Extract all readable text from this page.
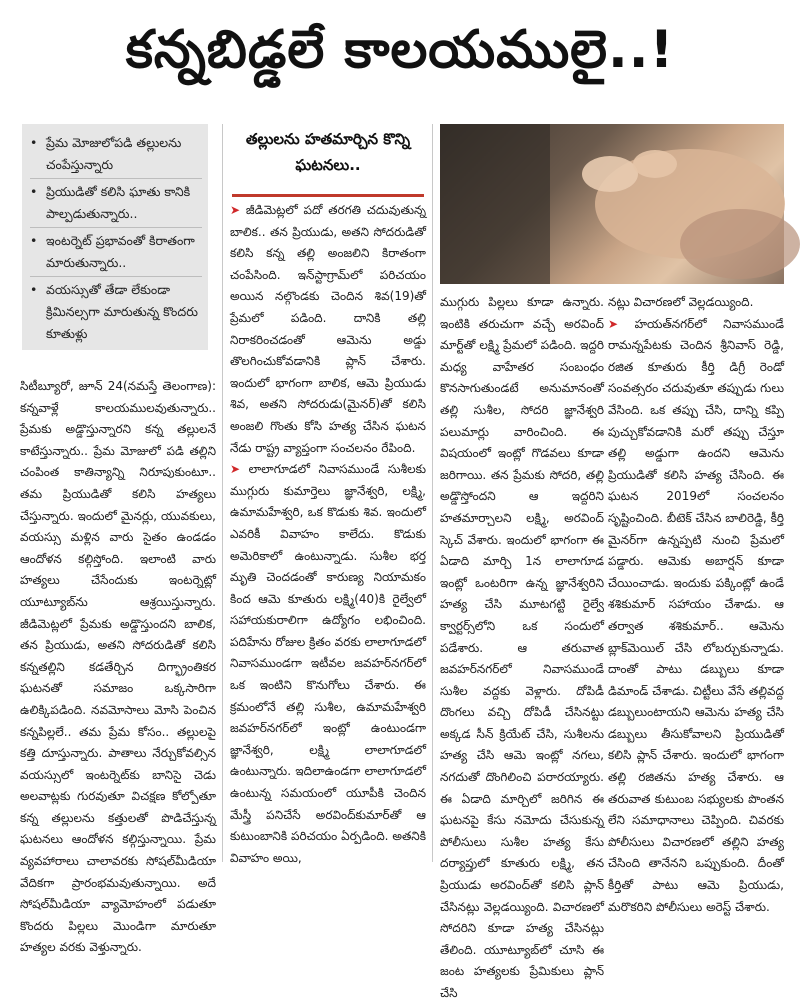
కన్నబిడ్డలే కాలయములై..!
• ప్రేమ మోజులోపడి తల్లులను చంపేస్తున్నారు
• ప్రియుడితో కలిసి ఘాతు కానికి పాల్పడుతున్నారు..
• ఇంటర్నెట్ ప్రభావంతో కిరాతంగా మారుతున్నారు..
• వయస్సుతో తేడా లేకుండా క్రిమినల్సగా మారుతున్న కొందరు కూతుళ్లు

సిటీబ్యూరో, జూన్ 24(నమస్తే తెలంగాణ): కన్నవాళ్లే కాలయములవుతున్నారు.. ప్రేమకు అడ్డొస్తున్నారని కన్న తల్లులనే కాటేస్తున్నారు.. ప్రేమ మోజులో పడి తల్లిని చంపింత కాతిన్యాన్ని నిరూపుకుంటూ.. తమ ప్రియుడితో కలిసి హత్యలు చేస్తున్నారు. ఇందులో మైనర్లు, యువకులు, వయస్సు మళ్లిన వారు సైతం ఉండడం ఆందోళన కల్గిస్తోంది. ఇలాంటి వారు హత్యలు చేసేందుకు ఇంటర్నెట్లో యూట్యూబ్‌ను ఆశ్రయిస్తున్నారు. జీడిమెట్లలో ప్రేమకు అడ్డొస్తుందని బాలిక, తన ప్రియుడు, అతని సోదరుడితో కలిసి కన్నతల్లిని కడతేర్చిన దిగ్భ్రాంతికర ఘటనతో సమాజం ఒక్కసారిగా ఉలిక్కిపడింది. నవమోసాలు మోసి పెంచిన కన్నపిల్లలే.. తమ ప్రేమ కోసం.. తల్లులపై కత్తి దూస్తున్నారు. పాతాలు నేర్చుకోవల్సిన వయస్సులో ఇంటర్నెట్‌కు బానిసై చెడు అలవాట్లకు గురవుతూ విచక్షణ కోల్పోతూ కన్న తల్లులను కత్తులతో పొడిచేస్తున్న ఘటనలు ఆందోళన కల్గిస్తున్నాయి. ప్రేమ వ్యవహారాలు చాలావరకు సోషల్‌మీడియా వేదికగా ప్రారంభమవుతున్నాయి. అదే సోషల్‌మీడియా వ్యామోహంలో పడుతూ కొందరు పిల్లలు మొండిగా మారుతూ హత్యల వరకు వెళ్తున్నారు.

తల్లులను హతమార్చిన కొన్ని ఘటనలు..

➤ జీడిమెట్లలో పదో తరగతి చదువుతున్న బాలిక.. తన ప్రియుడు, అతని సోదరుడితో కలిసి కన్న తల్లి అంజలిని కిరాతంగా చంపేసింది. ఇన్‌స్టాగ్రామ్‌లో పరిచయం అయిన నల్గొండకు చెందిన శివ(19)తో ప్రేమలో పడింది. దానికి తల్లి నిరాకరించడంతో ఆమెను అడ్డు తొలగించుకోవడానికి ప్లాన్ చేశారు. ఇందులో భాగంగా బాలిక, ఆమె ప్రియుడు శివ, అతని సోదరుడు(మైనర్)తో కలిసి అంజలి గొంతు కోసి హత్య చేసిన ఘటన నేడు రాష్ట్ర వ్యాప్తంగా సంచలనం రేపింది.

➤ లాలాగూడలో నివాసముండే సుశీలకు ముగ్గురు కుమార్తెలు జ్ఞానేశ్వరి, లక్ష్మి, ఉమామహేశ్వరి, ఒక కొడుకు శివ. ఇందులో ఎవరికీ వివాహం కాలేదు. కొడుకు అమెరికాలో ఉంటున్నాడు. సుశీల భర్త మృతి చెందడంతో కారుణ్య నియామకం కింద ఆమె కూతురు లక్ష్మి(40)కి రైల్వేలో సహాయకురాలిగా ఉద్యోగం లభించింది. పదిహేను రోజుల క్రితం వరకు లాలాగూడలో నివాసముండగా ఇటీవల జవహర్‌నగర్‌లో ఒక ఇంటిని కొనుగోలు చేశారు. ఈ క్రమంలోనే తల్లి సుశీల, ఉమామహేశ్వరి జవహర్‌నగర్‌లో ఇంట్లో ఉంటుండగా జ్ఞానేశ్వరి, లక్ష్మి లాలాగూడలో ఉంటున్నారు. ఇదిలాఉండగా లాలాగూడలో ఉంటున్న సమయంలో యూపీకి చెందిన మేస్త్రీ పనిచేసే అరవింద్‌కుమార్‌తో ఆ కుటుంబానికి పరిచయం ఏర్పడింది. అతనికి వివాహం అయి,

ముగ్గురు పిల్లలు కూడా ఉన్నారు. ఇంటికి తరుచుగా వచ్చే అరవింద్ మార్ట్‌తో లక్ష్మి ప్రేమలో పడింది. ఇద్దరి మధ్య వాహేతర సంబంధం కొనసాగుతుండటే అనుమానంతో తల్లి సుశీల, సోదరి జ్ఞానేశ్వరి పలుమార్లు వారించింది. ఈ విషయంలో ఇంట్లో గొడవలు కూడా జరిగాయి. తన ప్రేమకు సోదరి, తల్లి అడ్డొస్తోందని ఆ ఇద్దరిని హతమార్చాలని లక్ష్మి, అరవింద్ స్కెచ్ వేశారు. ఇందులో భాగంగా ఈ ఏడాది మార్చి 1న లాలాగూడ ఇంట్లో ఒంటరిగా ఉన్న జ్ఞానేశ్వరిని హత్య చేసి మూటగట్టి రైల్వే క్వార్టర్స్‌లోని ఒక సందులో పడేశారు. ఆ తరువాత జవహర్‌నగర్‌లో నివాసముండే సుశీల వద్దకు వెళ్లారు. దోపిడీ దొంగలు వచ్చి దోపిడీ చేసినట్టు అక్కడ సీన్ క్రియేట్ చేసి, సుశీలను హత్య చేసి ఆమె ఇంట్లో నగలు, నగదుతో దొంగిలించి పరారయ్యారు. ఈ ఏడాది మార్చిలో జరిగిన ఈ ఘటనపై కేసు నమోదు చేసుకున్న పోలీసులు సుశీల హత్య కేసు దర్యాప్తులో కూతురు లక్ష్మి, తన ప్రియుడు అరవింద్‌తో కలిసి ప్లాన్ చేసినట్లు వెల్లడయ్యింది. విచారణలో సోదరిని కూడా హత్య చేసినట్లు తేలింది. యూట్యూబ్‌లో చూసి ఈ జంట హత్యలకు ప్రేమికులు ప్లాన్ చేసి

నట్లు విచారణలో వెల్లడయ్యింది.

➤ హయత్‌నగర్‌లో నివాసముండే రామన్నపేటకు చెందిన శ్రీనివాస్ రెడ్డి, రజిత కూతురు కీర్తి డిగ్రీ రెండో సంవత్సరం చదువుతూ తప్పుడు గులు వేసింది. ఒక తప్పు చేసి, దాన్ని కప్పి పుచ్చుకోవడానికి మరో తప్పు చేస్తూ తల్లి అడ్డుగా ఉందని ఆమెను ప్రియుడితో కలిసి హత్య చేసింది. ఈ ఘటన 2019లో సంచలనం సృష్టించింది. బీటెక్ చేసిన బాలిరెడ్డి, కీర్తి మైనర్‌గా ఉన్నప్పటి నుంచి ప్రేమలో పడ్డారు. ఆమెకు అబార్షన్ కూడా చేయించాడు. ఇందుకు పక్కింట్లో ఉండే శశికుమార్ సహాయం చేశాడు. ఆ తర్వాత శశికుమార్.. ఆమెను బ్లాక్‌మెయిల్ చేసి లోబర్చుకున్నాడు. దాంతో పాటు డబ్బులు కూడా డిమాండ్ చేశాడు. చిట్టీలు వేసే తల్లివద్ద డబ్బులుంటాయని ఆమెను హత్య చేసి డబ్బులు తీసుకోవాలని ప్రియుడితో కలిసి ప్లాన్ చేశారు. ఇందులో భాగంగా తల్లి రజితను హత్య చేశారు. ఆ తరువాత కుటుంబ సభ్యులకు పొంతన లేని సమాధానాలు చెప్పింది. చివరకు పోలీసులు విచారణలో తల్లిని హత్య చేసింది తానేనని ఒప్పుకుంది. దీంతో కీర్తితో పాటు ఆమె ప్రియుడు, మరొకరిని పోలీసులు అరెస్ట్ చేశారు.
